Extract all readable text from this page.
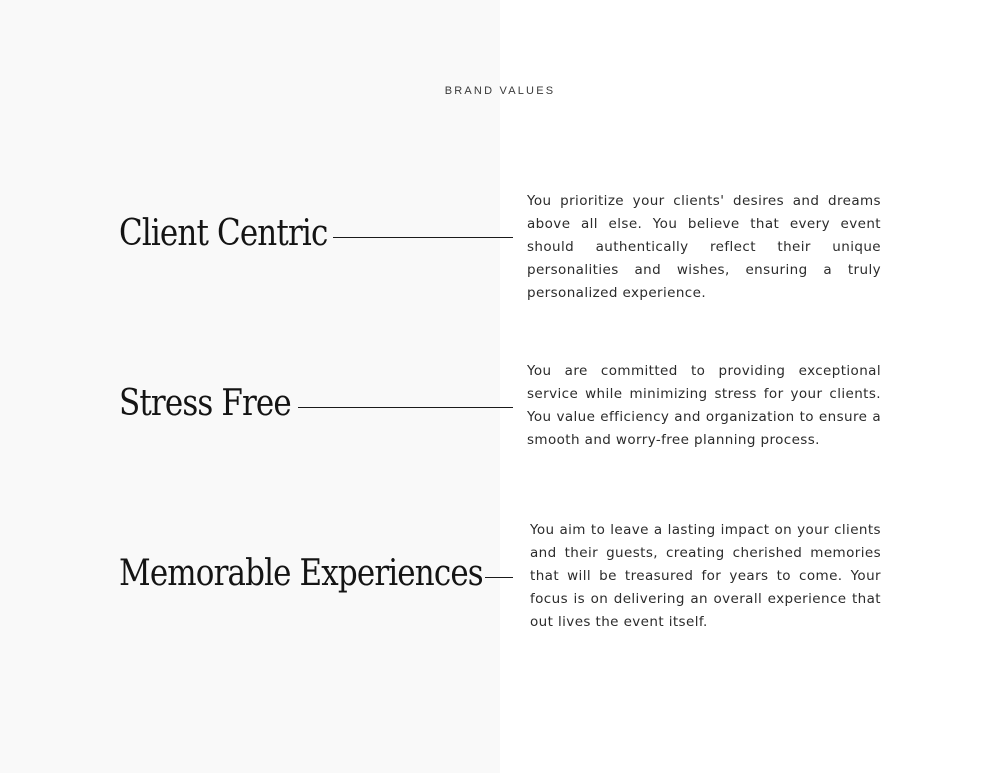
BRAND VALUES
Client Centric

You prioritize your clients' desires and dreams above all else. You believe that every event should authentically reflect their unique personalities and wishes, ensuring a truly personalized experience.

Stress Free

You are committed to providing exceptional service while minimizing stress for your clients. You value efficiency and organization to ensure a smooth and worry-free planning process.

Memorable Experiences

You aim to leave a lasting impact on your clients and their guests, creating cherished memories that will be treasured for years to come. Your focus is on delivering an overall experience that out lives the event itself.
